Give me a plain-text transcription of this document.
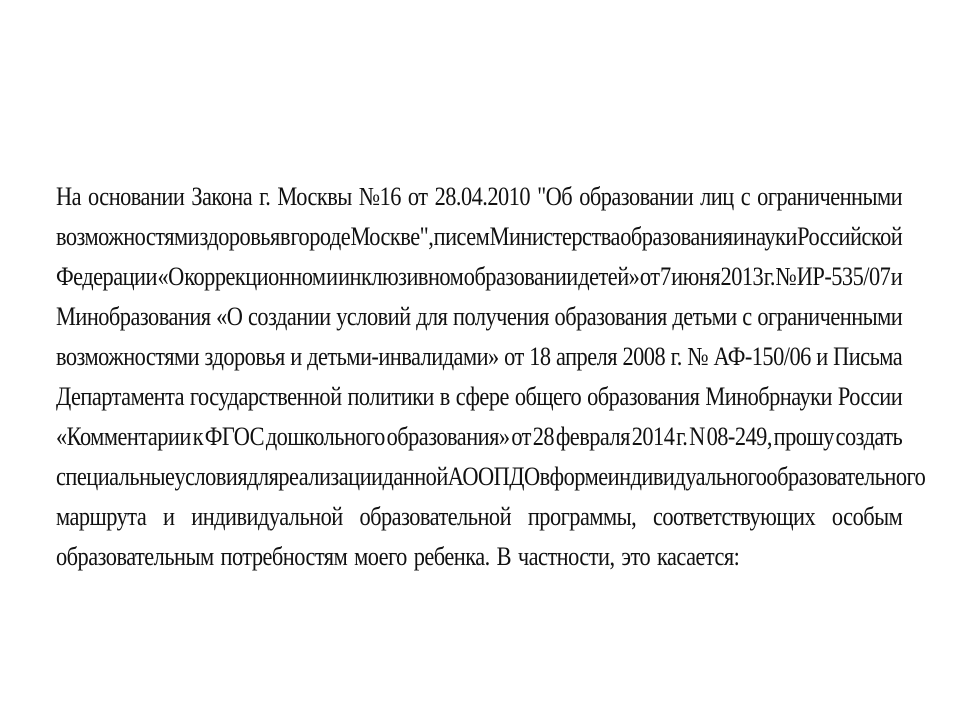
На основании Закона г. Москвы №16 от 28.04.2010 "Об образовании лиц с ограниченными
возможностями здоровья в городе Москве", писем Министерства образования и науки Российской
Федерации «О коррекционном и инклюзивном образовании детей» от 7 июня 2013 г. № ИР-535/07 и
Минобразования «О создании условий для получения образования детьми с ограниченными
возможностями здоровья и детьми-инвалидами» от 18 апреля 2008 г. № АФ-150/06 и Письма
Департамента государственной политики в сфере общего образования Минобрнауки России
«Комментарии к ФГОС дошкольного образования» от 28 февраля 2014 г. N 08-249, прошу создать
специальные условия для реализации данной АООП ДО в форме индивидуального образовательного
маршрута и индивидуальной образовательной программы, соответствующих особым
образовательным потребностям моего ребенка. В частности, это касается:
